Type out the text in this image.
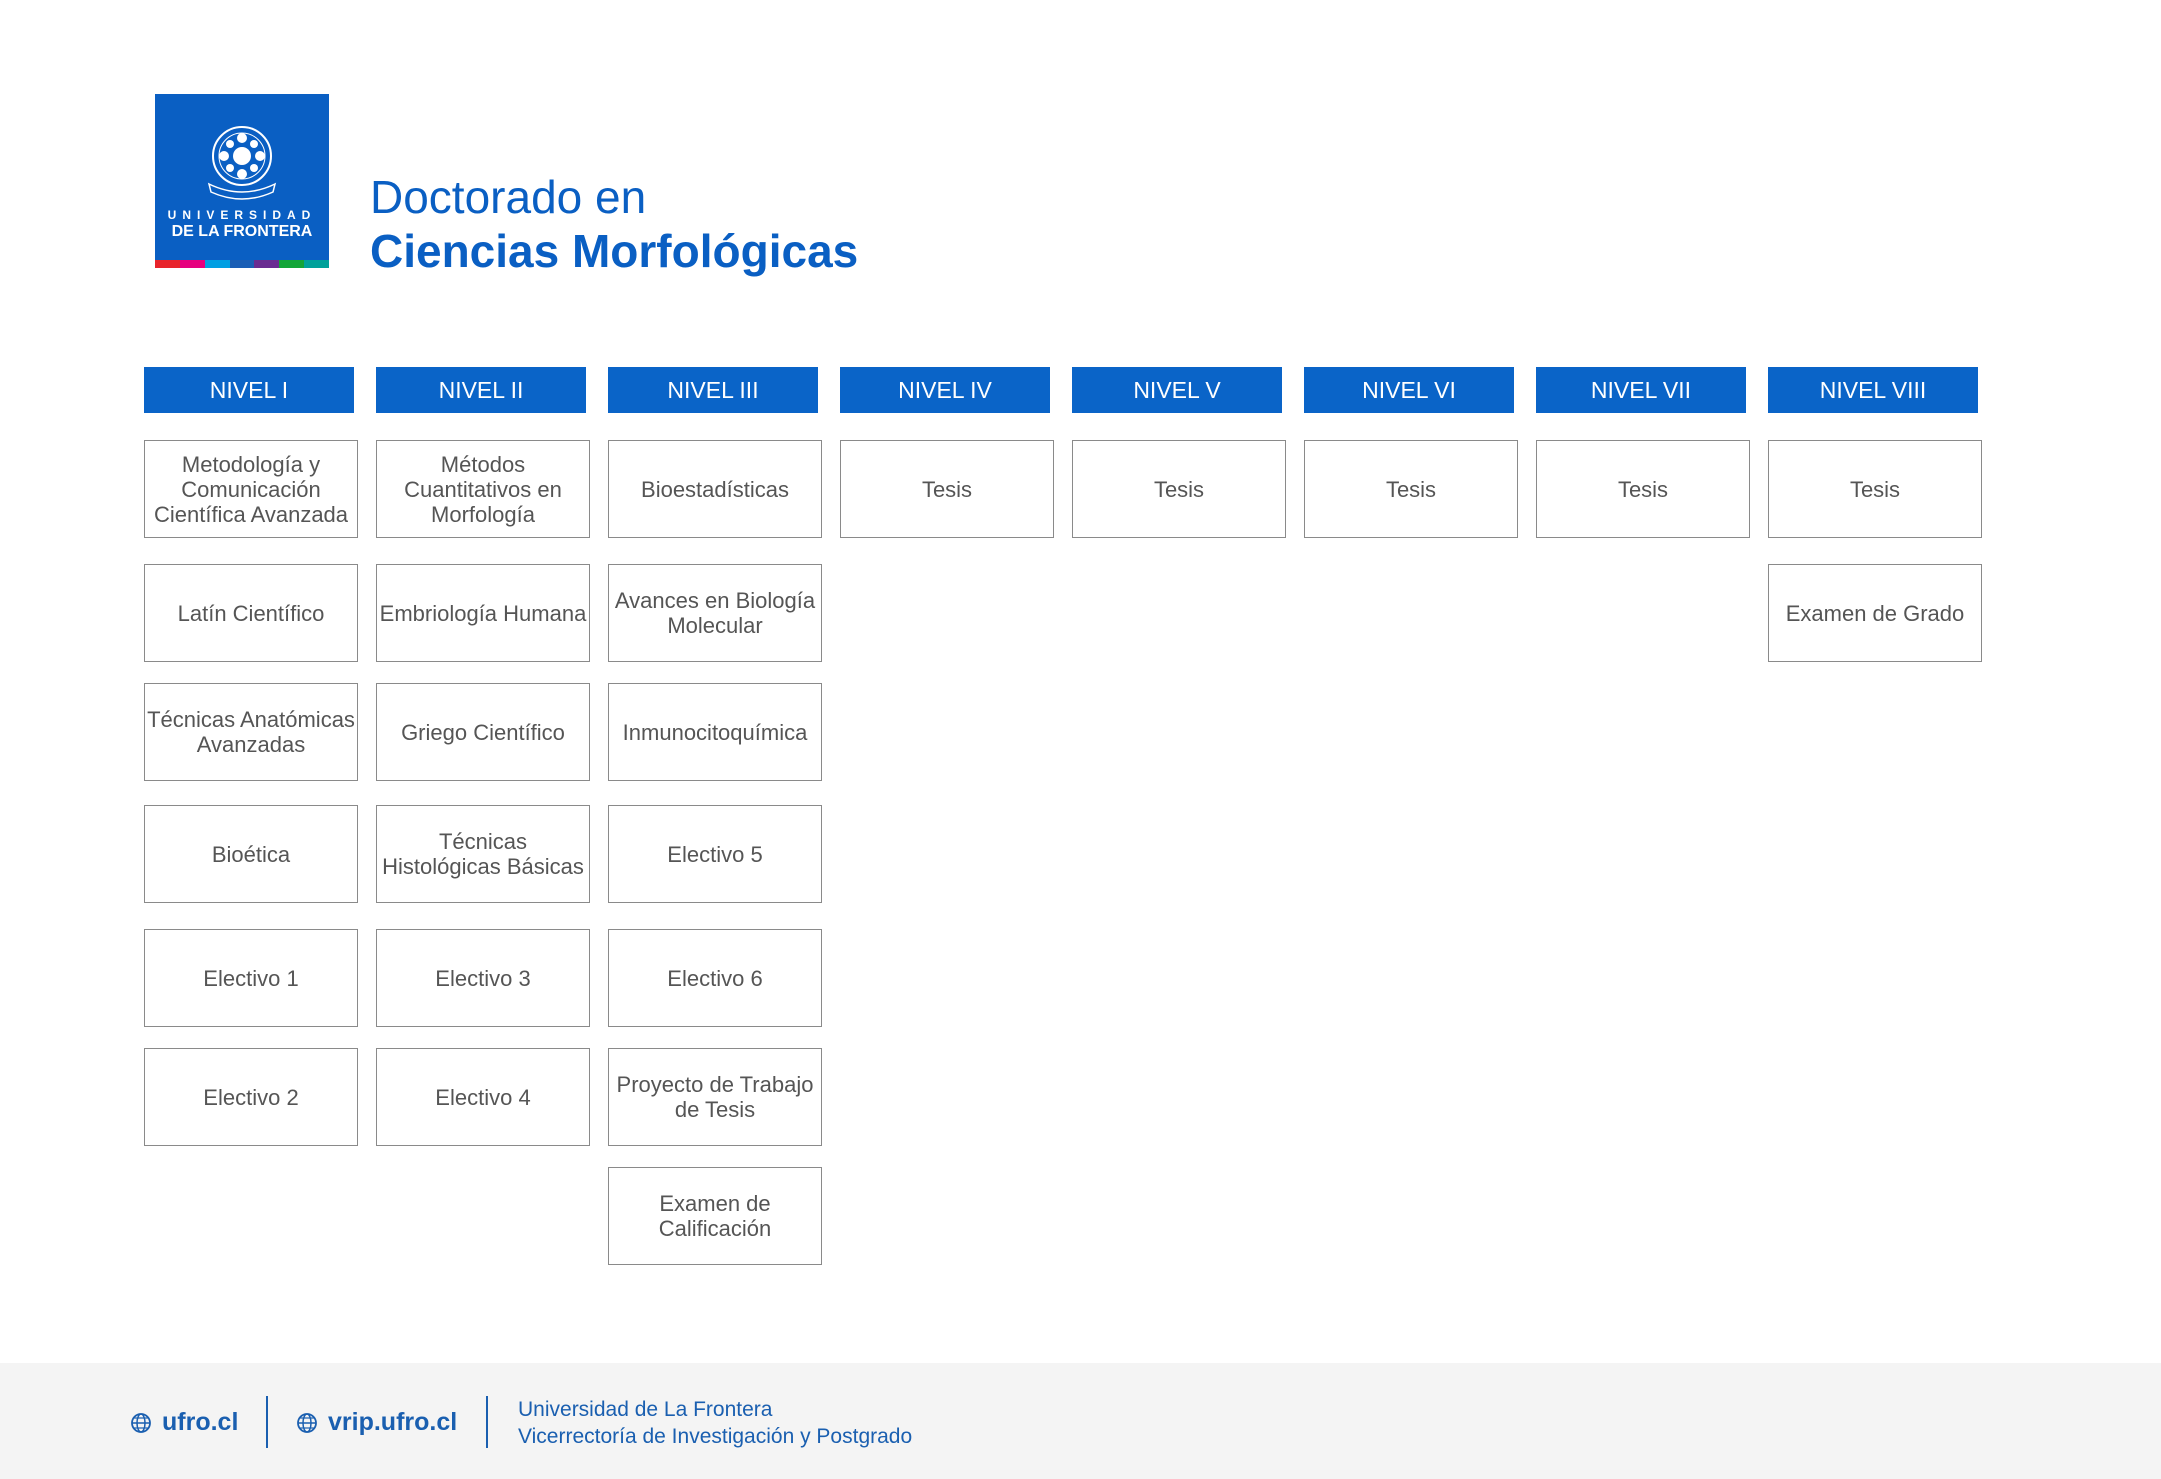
UNIVERSIDAD
DE LA FRONTERA
Doctorado en
Ciencias Morfológicas
NIVEL I
Metodología y Comunicación Científica Avanzada
Latín Científico
Técnicas Anatómicas Avanzadas
Bioética
Electivo 1
Electivo 2
NIVEL II
Métodos Cuantitativos en Morfología
Embriología Humana
Griego Científico
Técnicas Histológicas Básicas
Electivo 3
Electivo 4
NIVEL III
Bioestadísticas
Avances en Biología Molecular
Inmunocitoquímica
Electivo 5
Electivo 6
Proyecto de Trabajo de Tesis
Examen de Calificación
NIVEL IV
Tesis
NIVEL V
Tesis
NIVEL VI
Tesis
NIVEL VII
Tesis
NIVEL VIII
Tesis
Examen de Grado
ufro.cl	vrip.ufro.cl	Universidad de La Frontera
Vicerrectoría de Investigación y Postgrado
